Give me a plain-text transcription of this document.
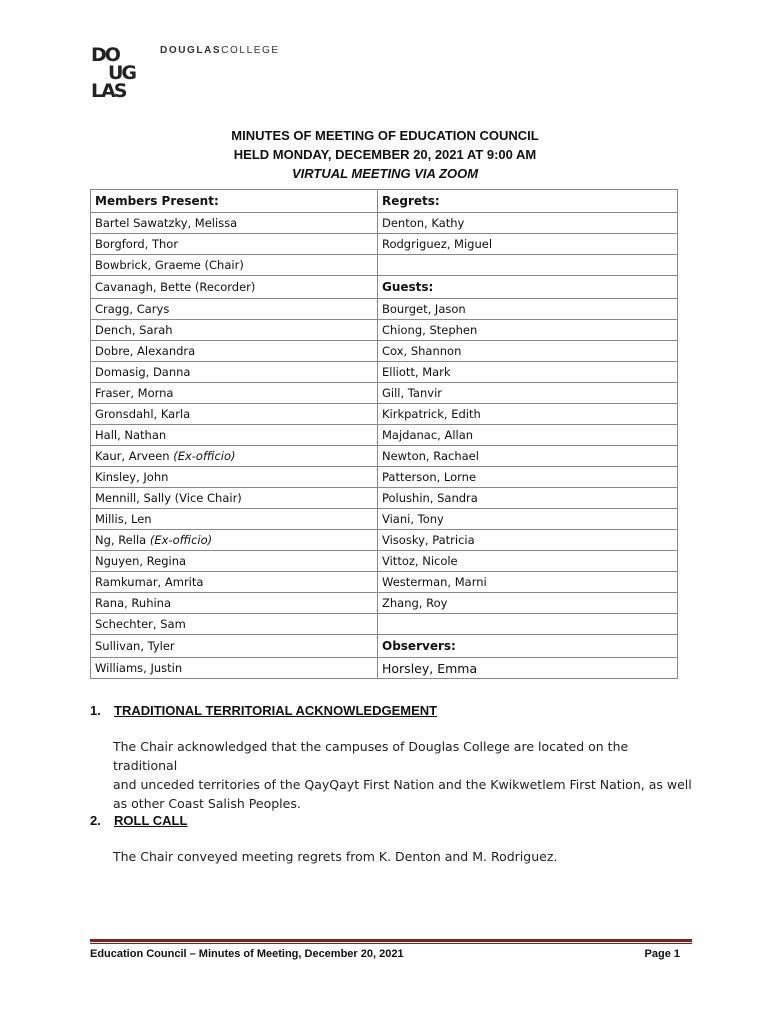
DO
UG
LAS
DOUGLASCOLLEGE
MINUTES OF MEETING OF EDUCATION COUNCIL
HELD MONDAY, DECEMBER 20, 2021 AT 9:00 AM
VIRTUAL MEETING VIA ZOOM
Members Present:	Regrets:
Bartel Sawatzky, Melissa	Denton, Kathy
Borgford, Thor	Rodgriguez, Miguel
Bowbrick, Graeme (Chair)	
Cavanagh, Bette (Recorder)	Guests:
Cragg, Carys	Bourget, Jason
Dench, Sarah	Chiong, Stephen
Dobre, Alexandra	Cox, Shannon
Domasig, Danna	Elliott, Mark
Fraser, Morna	Gill, Tanvir
Gronsdahl, Karla	Kirkpatrick, Edith
Hall, Nathan	Majdanac, Allan
Kaur, Arveen (Ex-officio)	Newton, Rachael
Kinsley, John	Patterson, Lorne
Mennill, Sally (Vice Chair)	Polushin, Sandra
Millis, Len	Viani, Tony
Ng, Rella (Ex-officio)	Visosky, Patricia
Nguyen, Regina	Vittoz, Nicole
Ramkumar, Amrita	Westerman, Marni
Rana, Ruhina	Zhang, Roy
Schechter, Sam	
Sullivan, Tyler	Observers:
Williams, Justin	Horsley, Emma
1. TRADITIONAL TERRITORIAL ACKNOWLEDGEMENT
The Chair acknowledged that the campuses of Douglas College are located on the traditional
and unceded territories of the QayQayt First Nation and the Kwikwetlem First Nation, as well
as other Coast Salish Peoples.
2. ROLL CALL
The Chair conveyed meeting regrets from K. Denton and M. Rodriguez.
Education Council – Minutes of Meeting, December 20, 2021	Page 1
